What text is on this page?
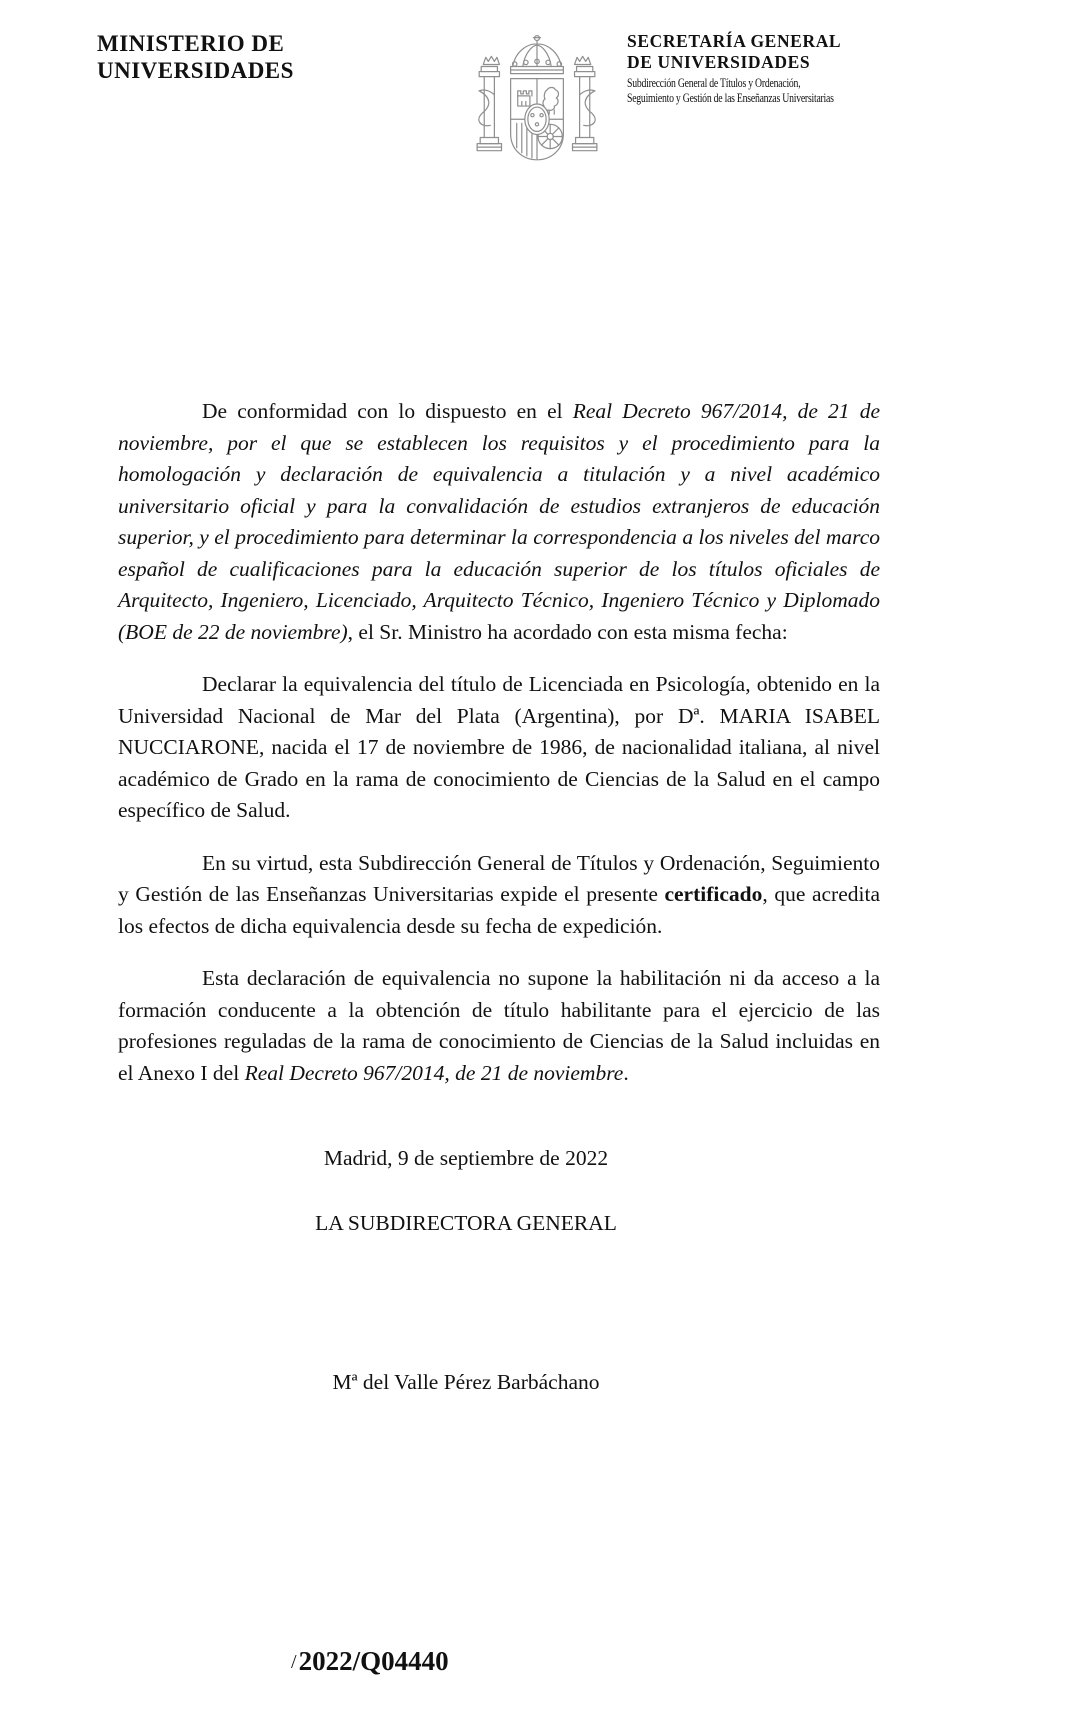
MINISTERIO DE
UNIVERSIDADES
SECRETARÍA GENERAL
DE UNIVERSIDADES
Subdirección General de Títulos y Ordenación,
Seguimiento y Gestión de las Enseñanzas Universitarias

De conformidad con lo dispuesto en el Real Decreto 967/2014, de 21 de noviembre, por el que se establecen los requisitos y el procedimiento para la homologación y declaración de equivalencia a titulación y a nivel académico universitario oficial y para la convalidación de estudios extranjeros de educación superior, y el procedimiento para determinar la correspondencia a los niveles del marco español de cualificaciones para la educación superior de los títulos oficiales de Arquitecto, Ingeniero, Licenciado, Arquitecto Técnico, Ingeniero Técnico y Diplomado (BOE de 22 de noviembre), el Sr. Ministro ha acordado con esta misma fecha:

Declarar la equivalencia del título de Licenciada en Psicología, obtenido en la Universidad Nacional de Mar del Plata (Argentina), por Dª. MARIA ISABEL NUCCIARONE, nacida el 17 de noviembre de 1986, de nacionalidad italiana, al nivel académico de Grado en la rama de conocimiento de Ciencias de la Salud en el campo específico de Salud.

En su virtud, esta Subdirección General de Títulos y Ordenación, Seguimiento y Gestión de las Enseñanzas Universitarias expide el presente certificado, que acredita los efectos de dicha equivalencia desde su fecha de expedición.

Esta declaración de equivalencia no supone la habilitación ni da acceso a la formación conducente a la obtención de título habilitante para el ejercicio de las profesiones reguladas de la rama de conocimiento de Ciencias de la Salud incluidas en el Anexo I del Real Decreto 967/2014, de 21 de noviembre.

Madrid, 9 de septiembre de 2022
LA SUBDIRECTORA GENERAL
Mª del Valle Pérez Barbáchano
/2022/Q04440
